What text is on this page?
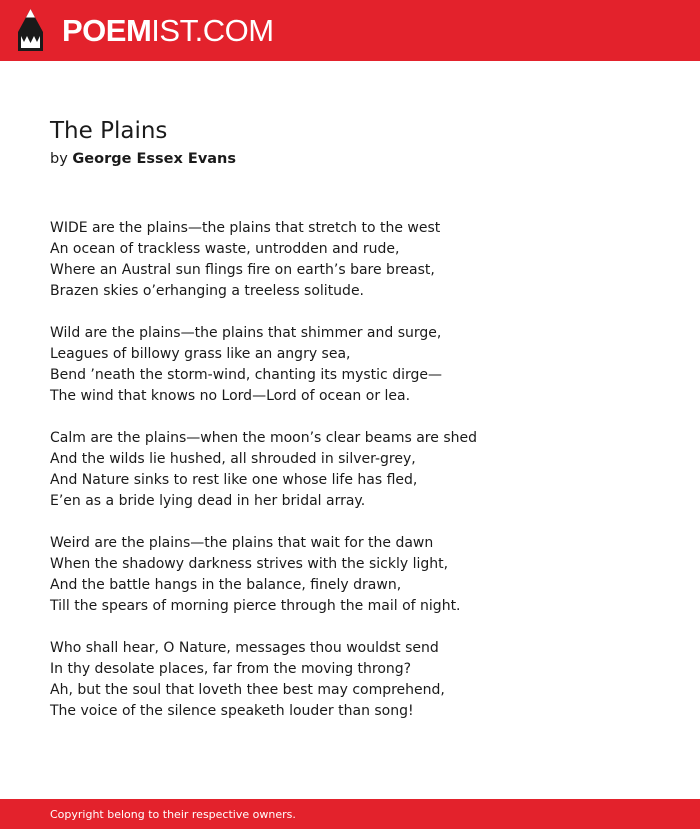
POEMIST.COM
The Plains
by George Essex Evans
WIDE are the plains—the plains that stretch to the west
An ocean of trackless waste, untrodden and rude,
Where an Austral sun flings fire on earth’s bare breast,
Brazen skies o’erhanging a treeless solitude.
Wild are the plains—the plains that shimmer and surge,
Leagues of billowy grass like an angry sea,
Bend ’neath the storm-wind, chanting its mystic dirge—
The wind that knows no Lord—Lord of ocean or lea.
Calm are the plains—when the moon’s clear beams are shed
And the wilds lie hushed, all shrouded in silver-grey,
And Nature sinks to rest like one whose life has fled,
E’en as a bride lying dead in her bridal array.
Weird are the plains—the plains that wait for the dawn
When the shadowy darkness strives with the sickly light,
And the battle hangs in the balance, finely drawn,
Till the spears of morning pierce through the mail of night.
Who shall hear, O Nature, messages thou wouldst send
In thy desolate places, far from the moving throng?
Ah, but the soul that loveth thee best may comprehend,
The voice of the silence speaketh louder than song!
Copyright belong to their respective owners.
